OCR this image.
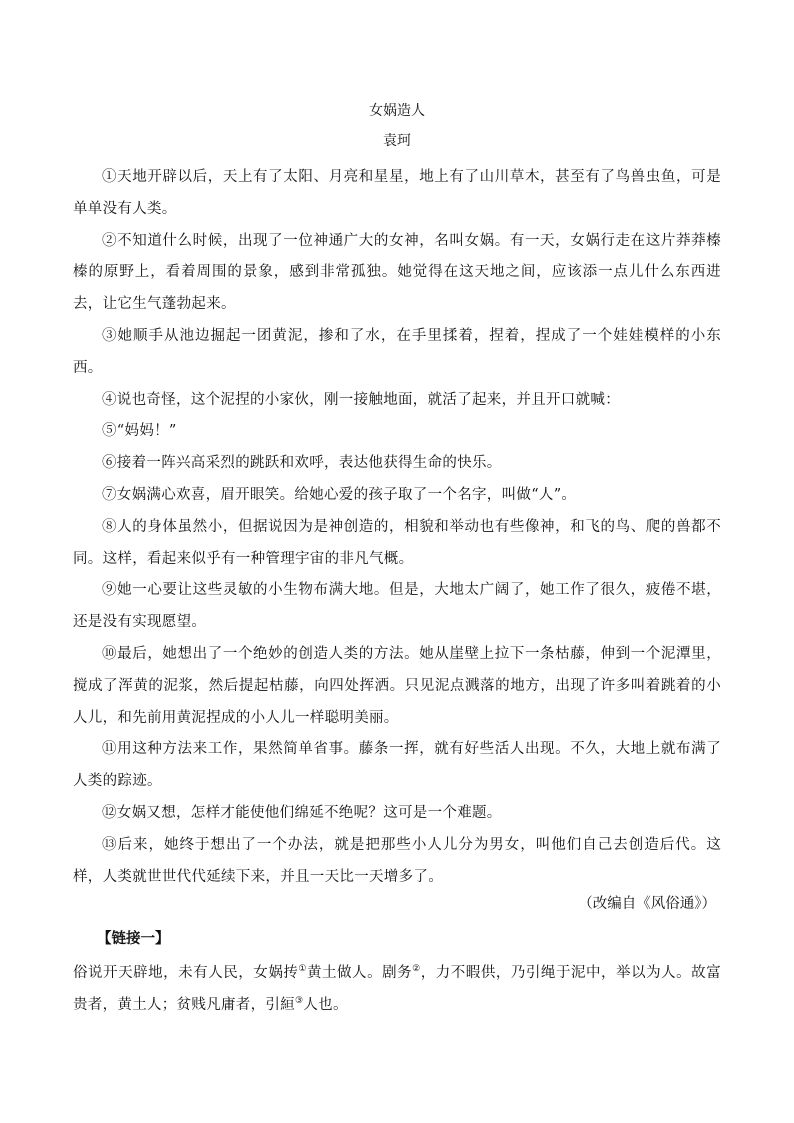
女娲造人
袁珂

①天地开辟以后，天上有了太阳、月亮和星星，地上有了山川草木，甚至有了鸟兽虫鱼，可是单单没有人类。

②不知道什么时候，出现了一位神通广大的女神，名叫女娲。有一天，女娲行走在这片莽莽榛榛的原野上，看着周围的景象，感到非常孤独。她觉得在这天地之间，应该添一点儿什么东西进去，让它生气蓬勃起来。

③她顺手从池边掘起一团黄泥，掺和了水，在手里揉着，捏着，捏成了一个娃娃模样的小东西。

④说也奇怪，这个泥捏的小家伙，刚一接触地面，就活了起来，并且开口就喊：

⑤“妈妈！”

⑥接着一阵兴高采烈的跳跃和欢呼，表达他获得生命的快乐。

⑦女娲满心欢喜，眉开眼笑。给她心爱的孩子取了一个名字，叫做“人”。

⑧人的身体虽然小，但据说因为是神创造的，相貌和举动也有些像神，和飞的鸟、爬的兽都不同。这样，看起来似乎有一种管理宇宙的非凡气概。

⑨她一心要让这些灵敏的小生物布满大地。但是，大地太广阔了，她工作了很久，疲倦不堪，还是没有实现愿望。

⑩最后，她想出了一个绝妙的创造人类的方法。她从崖壁上拉下一条枯藤，伸到一个泥潭里，搅成了浑黄的泥浆，然后提起枯藤，向四处挥洒。只见泥点溅落的地方，出现了许多叫着跳着的小人儿，和先前用黄泥捏成的小人儿一样聪明美丽。

⑪用这种方法来工作，果然简单省事。藤条一挥，就有好些活人出现。不久，大地上就布满了人类的踪迹。

⑫女娲又想，怎样才能使他们绵延不绝呢？这可是一个难题。

⑬后来，她终于想出了一个办法，就是把那些小人儿分为男女，叫他们自己去创造后代。这样，人类就世世代代延续下来，并且一天比一天增多了。

（改编自《风俗通》）
【链接一】
俗说开天辟地，未有人民，女娲抟①黄土做人。剧务②，力不暇供，乃引绳于泥中，举以为人。故富贵者，黄土人；贫贱凡庸者，引絙③人也。
